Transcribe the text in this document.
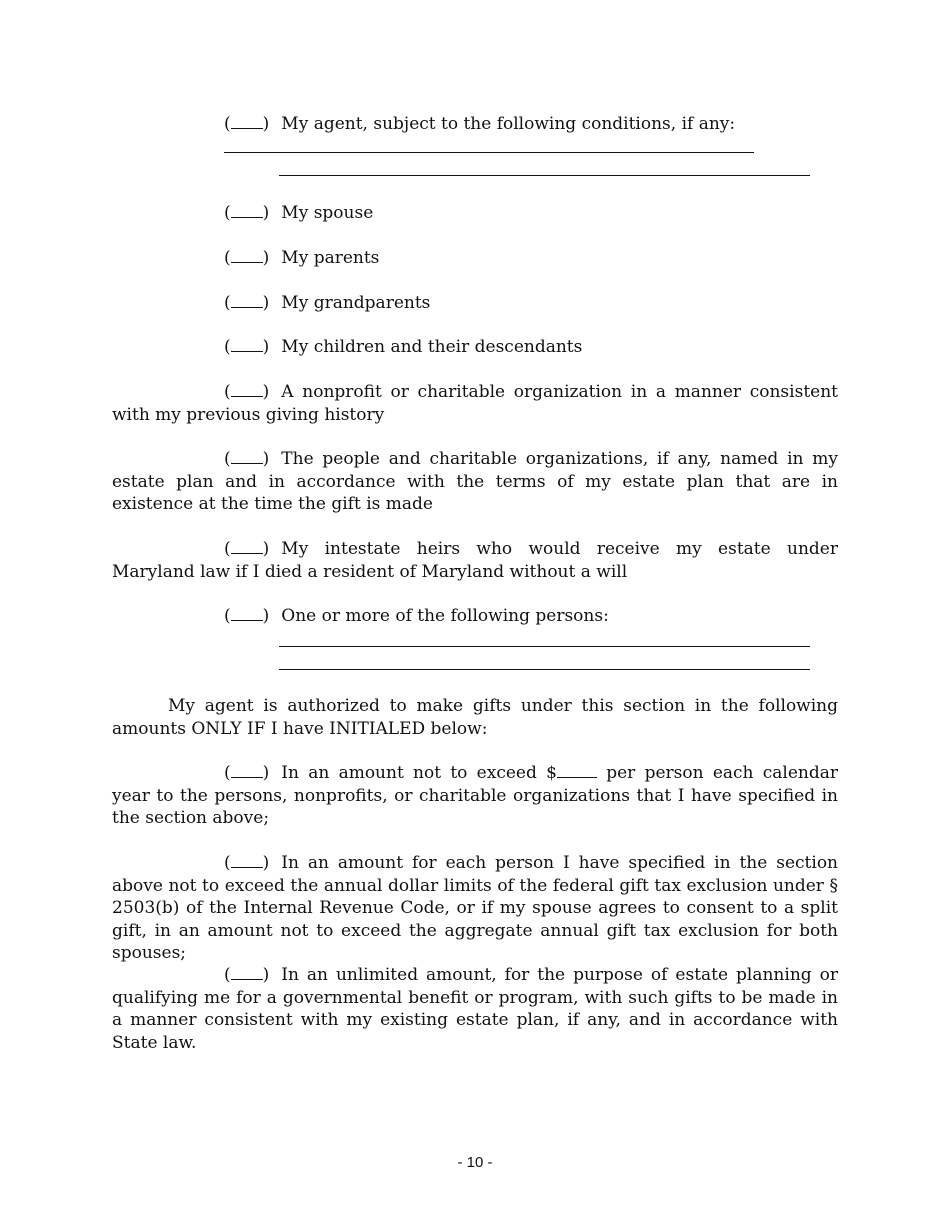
( ) My agent, subject to the following conditions, if any:
( ) My spouse
( ) My parents
( ) My grandparents
( ) My children and their descendants
( ) A nonprofit or charitable organization in a manner consistent with my previous giving history
( ) The people and charitable organizations, if any, named in my estate plan and in accordance with the terms of my estate plan that are in existence at the time the gift is made
( ) My intestate heirs who would receive my estate under Maryland law if I died a resident of Maryland without a will
( ) One or more of the following persons:
My agent is authorized to make gifts under this section in the following amounts ONLY IF I have INITIALED below:
( ) In an amount not to exceed $	per person each calendar year to the persons, nonprofits, or charitable organizations that I have specified in the section above;
( ) In an amount for each person I have specified in the section above not to exceed the annual dollar limits of the federal gift tax exclusion under § 2503(b) of the Internal Revenue Code, or if my spouse agrees to consent to a split gift, in an amount not to exceed the aggregate annual gift tax exclusion for both spouses;
( ) In an unlimited amount, for the purpose of estate planning or qualifying me for a governmental benefit or program, with such gifts to be made in a manner consistent with my existing estate plan, if any, and in accordance with State law.
- 10 -
